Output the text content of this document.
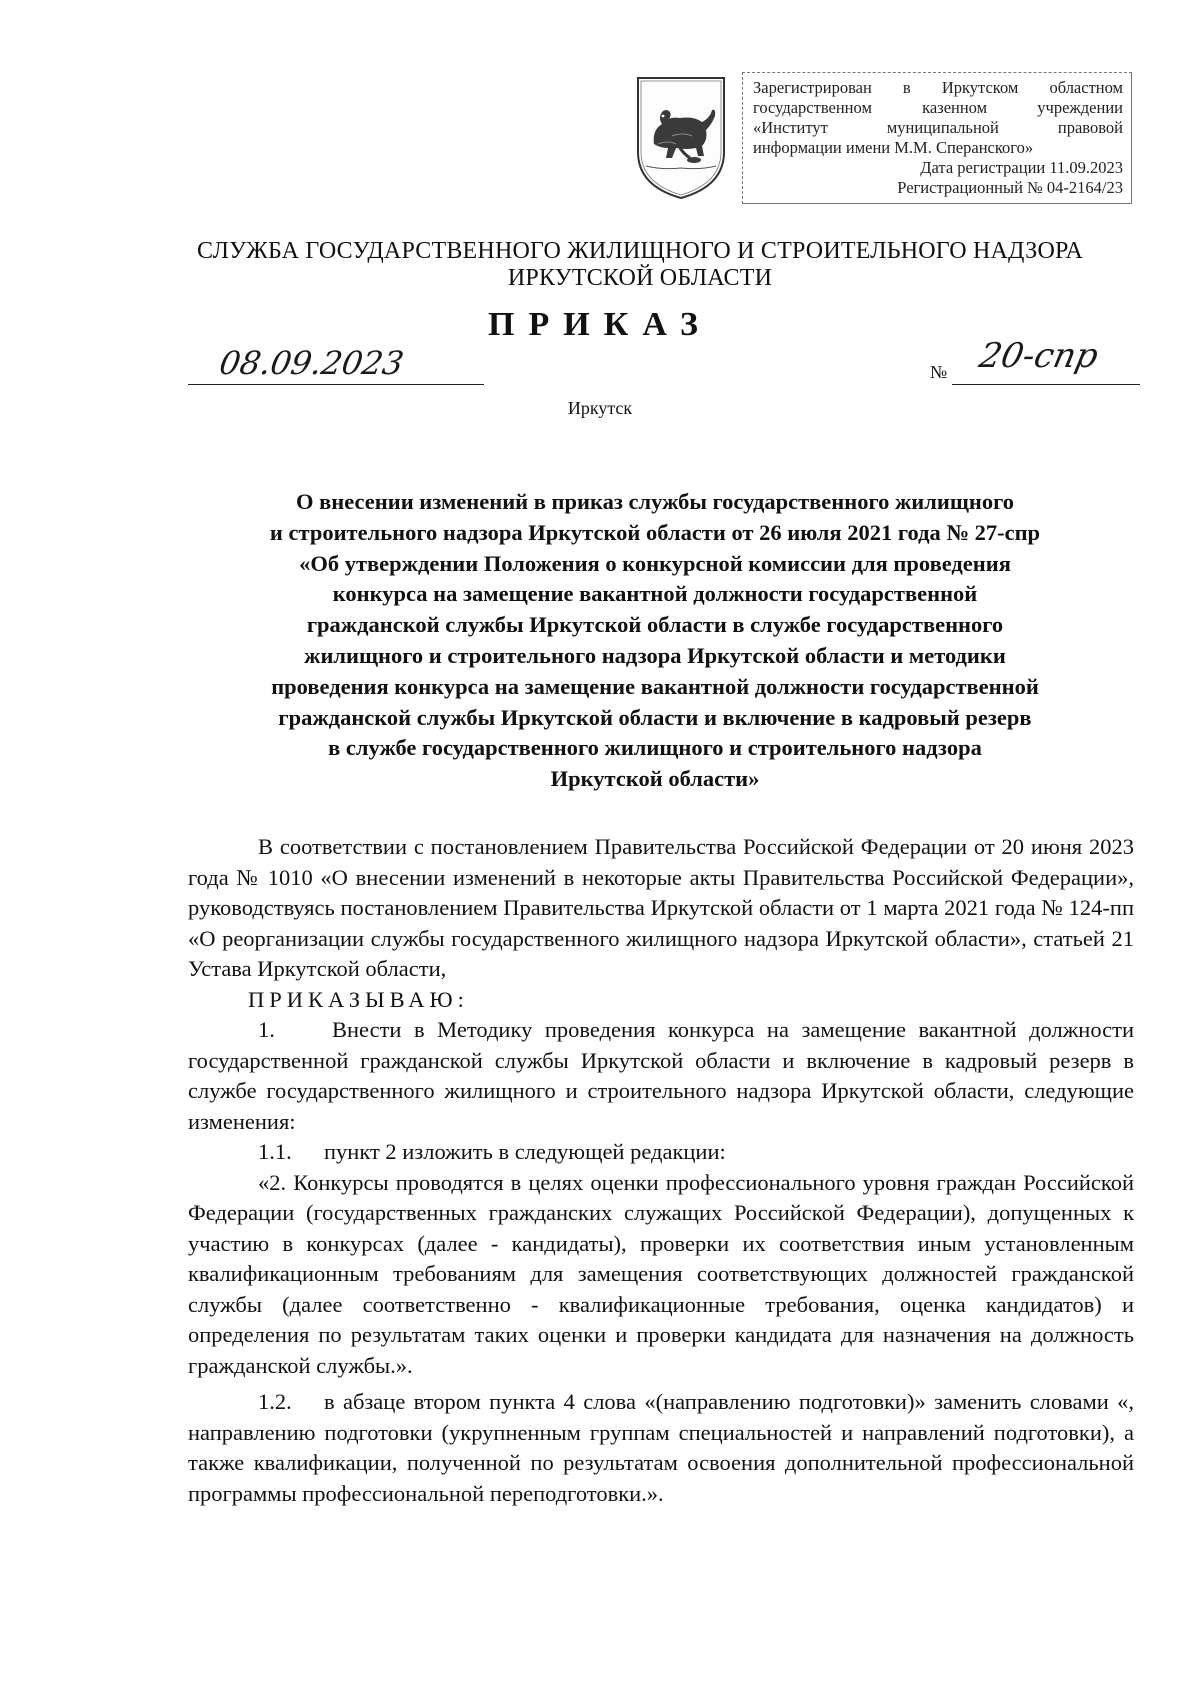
Зарегистрирован в Иркутском областном
государственном казенном учреждении
«Институт муниципальной правовой
информации имени М.М. Сперанского»
Дата регистрации 11.09.2023
Регистрационный № 04-2164/23
СЛУЖБА ГОСУДАРСТВЕННОГО ЖИЛИЩНОГО И СТРОИТЕЛЬНОГО НАДЗОРА
ИРКУТСКОЙ ОБЛАСТИ
ПРИКАЗ
08.09.2023	№ 20-спр
Иркутск
О внесении изменений в приказ службы государственного жилищного
и строительного надзора Иркутской области от 26 июля 2021 года № 27-спр
«Об утверждении Положения о конкурсной комиссии для проведения
конкурса на замещение вакантной должности государственной
гражданской службы Иркутской области в службе государственного
жилищного и строительного надзора Иркутской области и методики
проведения конкурса на замещение вакантной должности государственной
гражданской службы Иркутской области и включение в кадровый резерв
в службе государственного жилищного и строительного надзора
Иркутской области»

В соответствии с постановлением Правительства Российской Федерации от 20 июня 2023 года № 1010 «О внесении изменений в некоторые акты Правительства Российской Федерации», руководствуясь постановлением Правительства Иркутской области от 1 марта 2021 года № 124-пп «О реорганизации службы государственного жилищного надзора Иркутской области», статьей 21 Устава Иркутской области,

ПРИКАЗЫВАЮ:

1.	Внести в Методику проведения конкурса на замещение вакантной должности государственной гражданской службы Иркутской области и включение в кадровый резерв в службе государственного жилищного и строительного надзора Иркутской области, следующие изменения:

1.1. пункт 2 изложить в следующей редакции:

«2. Конкурсы проводятся в целях оценки профессионального уровня граждан Российской Федерации (государственных гражданских служащих Российской Федерации), допущенных к участию в конкурсах (далее - кандидаты), проверки их соответствия иным установленным квалификационным требованиям для замещения соответствующих должностей гражданской службы (далее соответственно - квалификационные требования, оценка кандидатов) и определения по результатам таких оценки и проверки кандидата для назначения на должность гражданской службы.».

1.2. в абзаце втором пункта 4 слова «(направлению подготовки)» заменить словами «, направлению подготовки (укрупненным группам специальностей и направлений подготовки), а также квалификации, полученной по результатам освоения дополнительной профессиональной программы профессиональной переподготовки.».
